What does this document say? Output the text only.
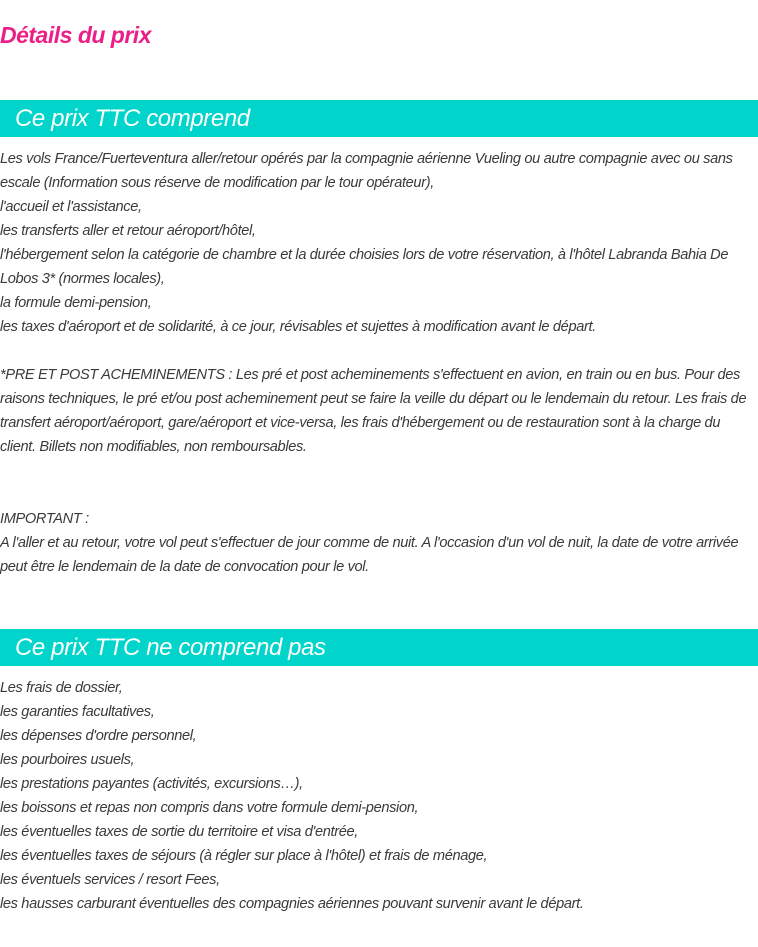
Détails du prix
Ce prix TTC comprend

Les vols France/Fuerteventura aller/retour opérés par la compagnie aérienne Vueling ou autre compagnie avec ou sans escale (Information sous réserve de modification par le tour opérateur),

l'accueil et l'assistance,

les transferts aller et retour aéroport/hôtel,

l'hébergement selon la catégorie de chambre et la durée choisies lors de votre réservation, à l'hôtel Labranda Bahia De Lobos 3* (normes locales),

la formule demi-pension,

les taxes d'aéroport et de solidarité, à ce jour, révisables et sujettes à modification avant le départ.

*PRE ET POST ACHEMINEMENTS : Les pré et post acheminements s'effectuent en avion, en train ou en bus. Pour des raisons techniques, le pré et/ou post acheminement peut se faire la veille du départ ou le lendemain du retour. Les frais de transfert aéroport/aéroport, gare/aéroport et vice-versa, les frais d'hébergement ou de restauration sont à la charge du client. Billets non modifiables, non remboursables.

IMPORTANT :

A l'aller et au retour, votre vol peut s'effectuer de jour comme de nuit. A l'occasion d'un vol de nuit, la date de votre arrivée peut être le lendemain de la date de convocation pour le vol.

Ce prix TTC ne comprend pas

Les frais de dossier,

les garanties facultatives,

les dépenses d'ordre personnel,

les pourboires usuels,

les prestations payantes (activités, excursions…),

les boissons et repas non compris dans votre formule demi-pension,

les éventuelles taxes de sortie du territoire et visa d'entrée,

les éventuelles taxes de séjours (à régler sur place à l'hôtel) et frais de ménage,

les éventuels services / resort Fees,

les hausses carburant éventuelles des compagnies aériennes pouvant survenir avant le départ.
